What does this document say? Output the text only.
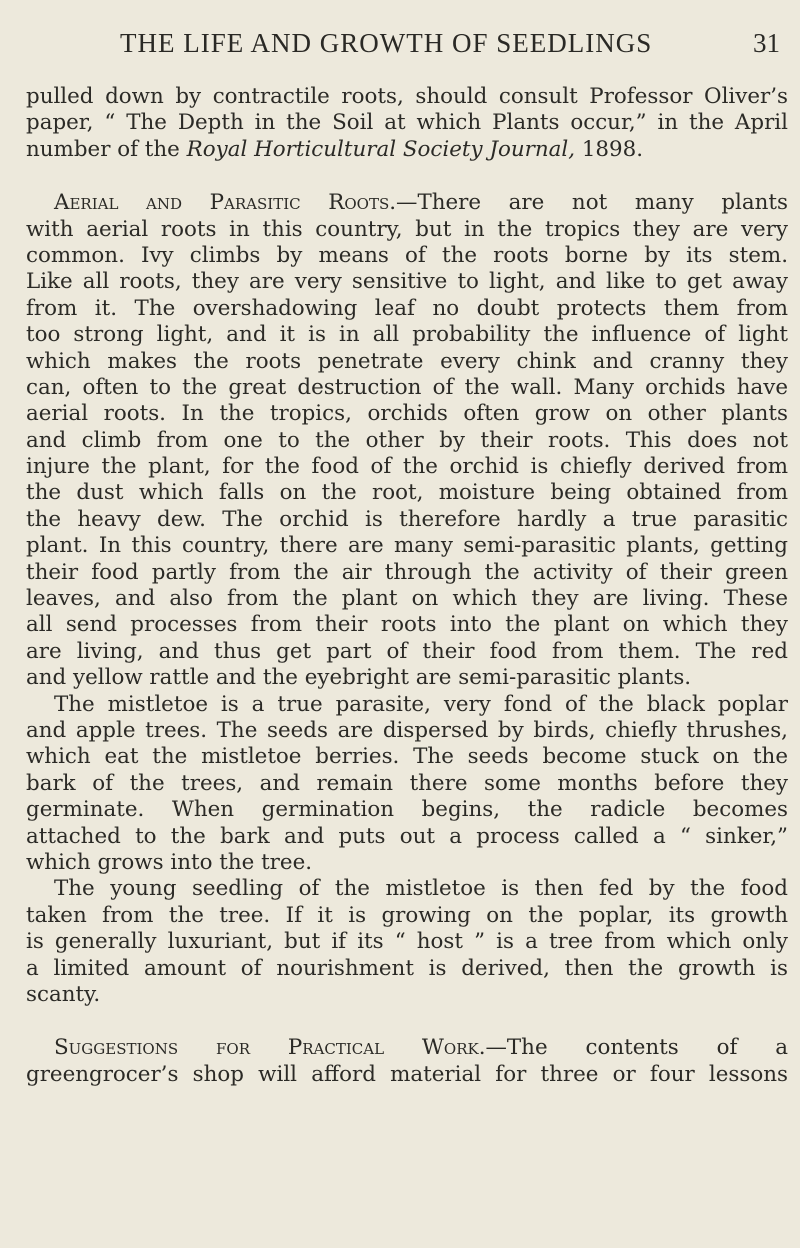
THE LIFE AND GROWTH OF SEEDLINGS	31
pulled down by contractile roots, should consult Professor Oliver’s
paper, “ The Depth in the Soil at which Plants occur,” in the April
number of the Royal Horticultural Society Journal, 1898.
Aerial and Parasitic Roots.—There are not many plants
with aerial roots in this country, but in the tropics they are very
common. Ivy climbs by means of the roots borne by its stem.
Like all roots, they are very sensitive to light, and like to get away
from it. The overshadowing leaf no doubt protects them from
too strong light, and it is in all probability the influence of light
which makes the roots penetrate every chink and cranny they
can, often to the great destruction of the wall. Many orchids have
aerial roots. In the tropics, orchids often grow on other plants
and climb from one to the other by their roots. This does not
injure the plant, for the food of the orchid is chiefly derived from
the dust which falls on the root, moisture being obtained from
the heavy dew. The orchid is therefore hardly a true parasitic
plant. In this country, there are many semi-parasitic plants, getting
their food partly from the air through the activity of their green
leaves, and also from the plant on which they are living. These
all send processes from their roots into the plant on which they
are living, and thus get part of their food from them. The red
and yellow rattle and the eyebright are semi-parasitic plants.
The mistletoe is a true parasite, very fond of the black poplar
and apple trees. The seeds are dispersed by birds, chiefly thrushes,
which eat the mistletoe berries. The seeds become stuck on the
bark of the trees, and remain there some months before they
germinate. When germination begins, the radicle becomes
attached to the bark and puts out a process called a “ sinker,”
which grows into the tree.
The young seedling of the mistletoe is then fed by the food
taken from the tree. If it is growing on the poplar, its growth
is generally luxuriant, but if its “ host ” is a tree from which only
a limited amount of nourishment is derived, then the growth is
scanty.
Suggestions for Practical Work.—The contents of a
greengrocer’s shop will afford material for three or four lessons
